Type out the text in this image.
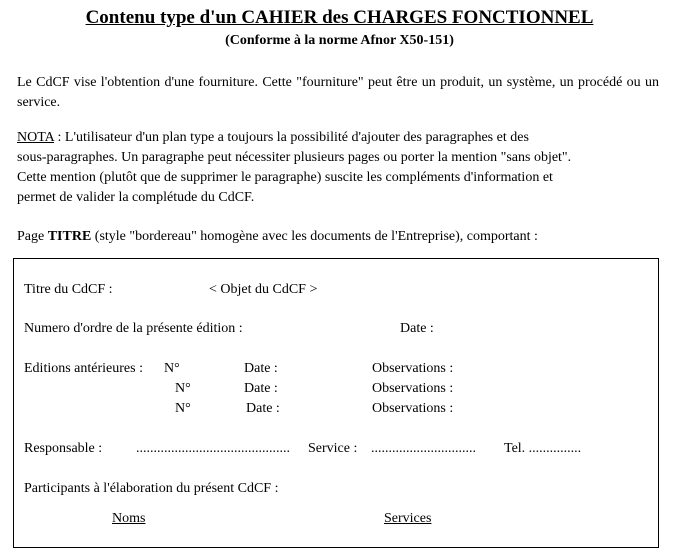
Contenu type d'un CAHIER des CHARGES FONCTIONNEL
(Conforme à la norme Afnor X50-151)
Le CdCF vise l'obtention d'une fourniture. Cette "fourniture" peut être un produit, un système, un procédé ou un service.
NOTA : L'utilisateur d'un plan type a toujours la possibilité d'ajouter des paragraphes et des
sous-paragraphes. Un paragraphe peut nécessiter plusieurs pages ou porter la mention "sans objet".
Cette mention (plutôt que de supprimer le paragraphe) suscite les compléments d'information et
permet de valider la complétude du CdCF.
Page TITRE (style "bordereau" homogène avec les documents de l'Entreprise), comportant :
Titre du CdCF :	< Objet du CdCF >
Numero d'ordre de la présente édition :	Date :
Editions antérieures : N°	Date :	Observations :
N°	Date :	Observations :
N°	Date :	Observations :
Responsable : ............................................ Service : .............................. Tel. ...............
Participants à l'élaboration du présent CdCF :
Noms	Services
